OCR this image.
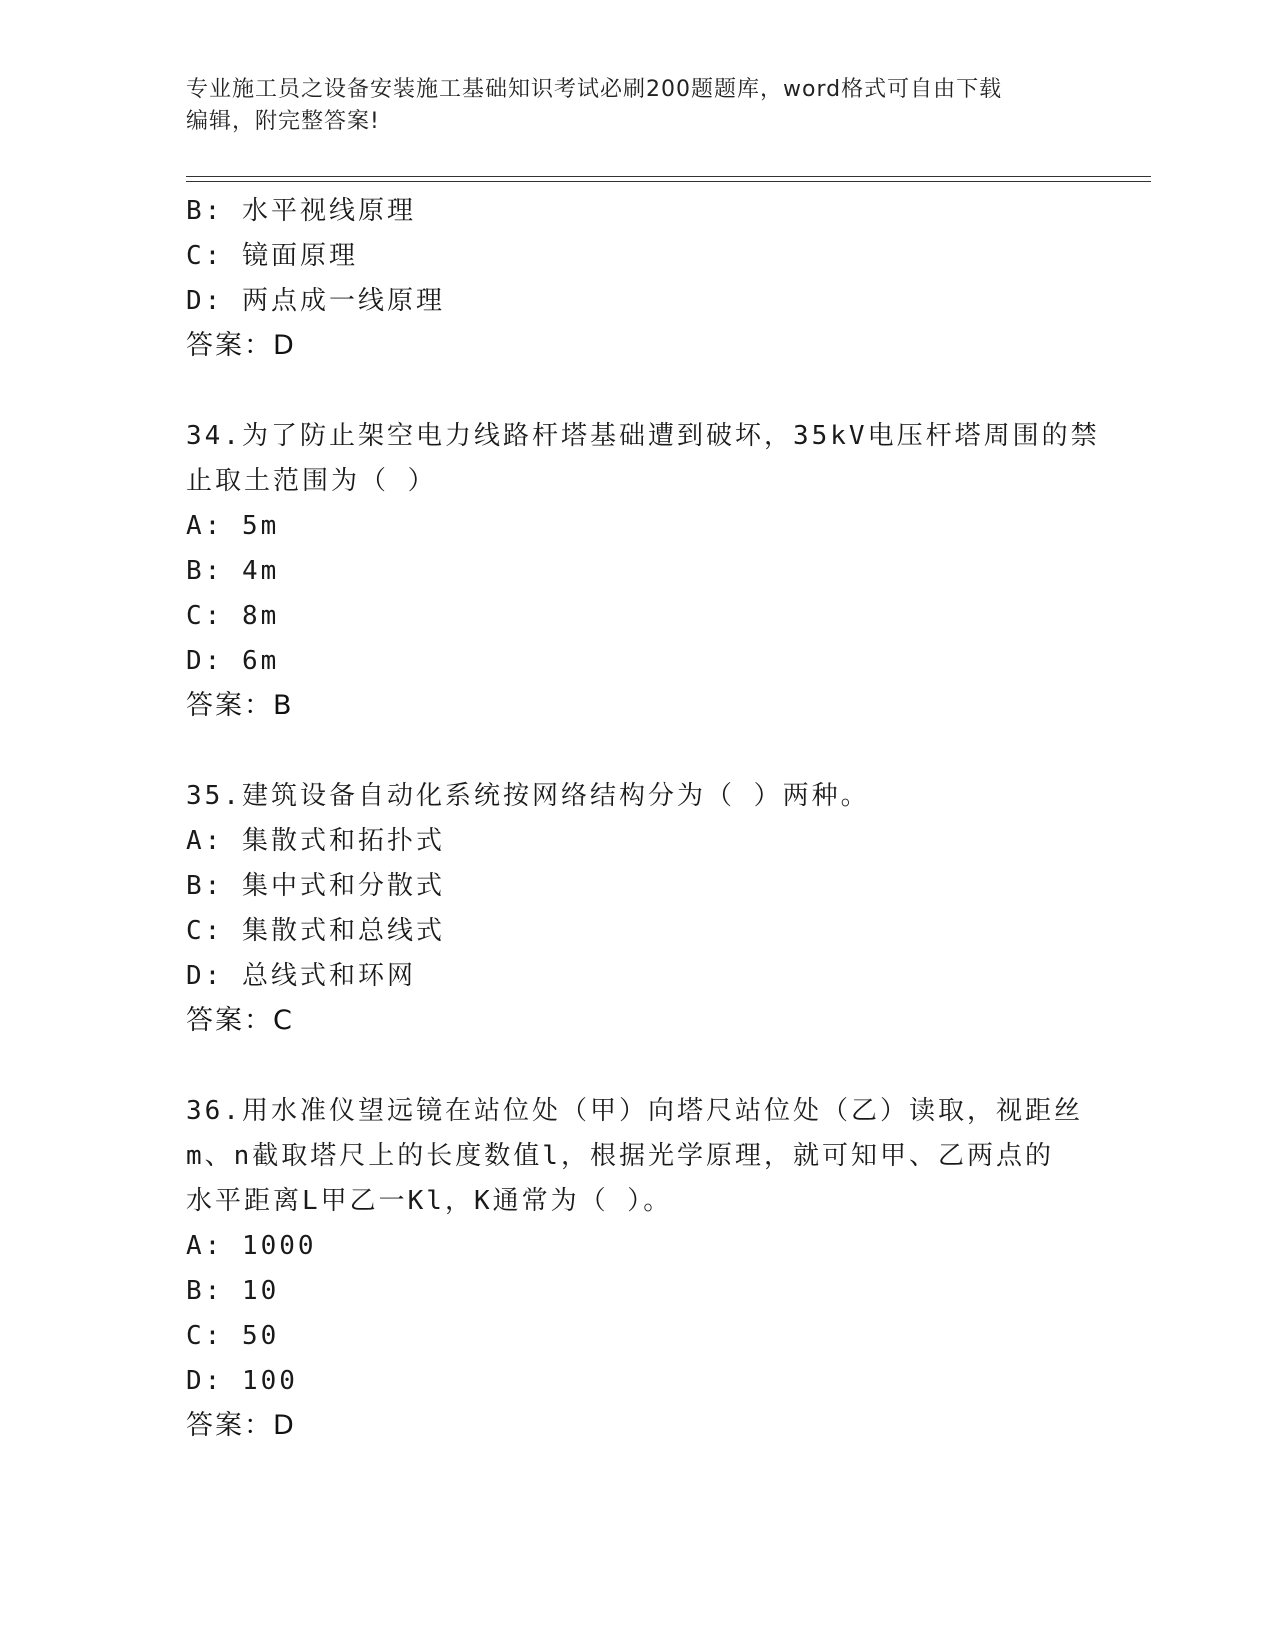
专业施工员之设备安装施工基础知识考试必刷200题题库，word格式可自由下载
编辑，附完整答案!
B: 水平视线原理
C: 镜面原理
D: 两点成一线原理
答案：D
34.为了防止架空电力线路杆塔基础遭到破坏，35kV电压杆塔周围的禁
止取土范围为（ ）
A: 5m
B: 4m
C: 8m
D: 6m
答案：B
35.建筑设备自动化系统按网络结构分为（ ）两种。
A: 集散式和拓扑式
B: 集中式和分散式
C: 集散式和总线式
D: 总线式和环网
答案：C
36.用水准仪望远镜在站位处（甲）向塔尺站位处（乙）读取，视距丝
m、n截取塔尺上的长度数值l，根据光学原理，就可知甲、乙两点的
水平距离L甲乙一Kl，K通常为（ ）。
A: 1000
B: 10
C: 50
D: 100
答案：D
